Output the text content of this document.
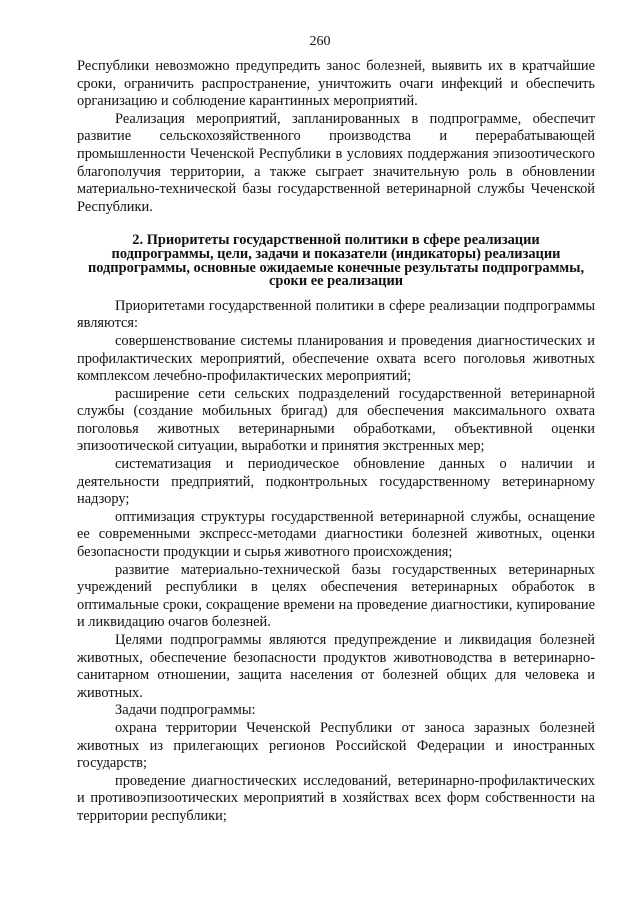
260

Республики невозможно предупредить занос болезней, выявить их в кратчайшие сроки, ограничить распространение, уничтожить очаги инфекций и обеспечить организацию и соблюдение карантинных мероприятий.

Реализация мероприятий, запланированных в подпрограмме, обеспечит развитие сельскохозяйственного производства и перерабатывающей промышленности Чеченской Республики в условиях поддержания эпизоотического благополучия территории, а также сыграет значительную роль в обновлении материально-технической базы государственной ветеринарной службы Чеченской Республики.

2. Приоритеты государственной политики в сфере реализации подпрограммы, цели, задачи и показатели (индикаторы) реализации подпрограммы, основные ожидаемые конечные результаты подпрограммы, сроки ее реализации

Приоритетами государственной политики в сфере реализации подпрограммы являются:

совершенствование системы планирования и проведения диагностических и профилактических мероприятий, обеспечение охвата всего поголовья животных комплексом лечебно-профилактических мероприятий;

расширение сети сельских подразделений государственной ветеринарной службы (создание мобильных бригад) для обеспечения максимального охвата поголовья животных ветеринарными обработками, объективной оценки эпизоотической ситуации, выработки и принятия экстренных мер;

систематизация и периодическое обновление данных о наличии и деятельности предприятий, подконтрольных государственному ветеринарному надзору;

оптимизация структуры государственной ветеринарной службы, оснащение ее современными экспресс-методами диагностики болезней животных, оценки безопасности продукции и сырья животного происхождения;

развитие материально-технической базы государственных ветеринарных учреждений республики в целях обеспечения ветеринарных обработок в оптимальные сроки, сокращение времени на проведение диагностики, купирование и ликвидацию очагов болезней.

Целями подпрограммы являются предупреждение и ликвидация болезней животных, обеспечение безопасности продуктов животноводства в ветеринарно-санитарном отношении, защита населения от болезней общих для человека и животных.

Задачи подпрограммы:

охрана территории Чеченской Республики от заноса заразных болезней животных из прилегающих регионов Российской Федерации и иностранных государств;

проведение диагностических исследований, ветеринарно-профилактических и противоэпизоотических мероприятий в хозяйствах всех форм собственности на территории республики;
